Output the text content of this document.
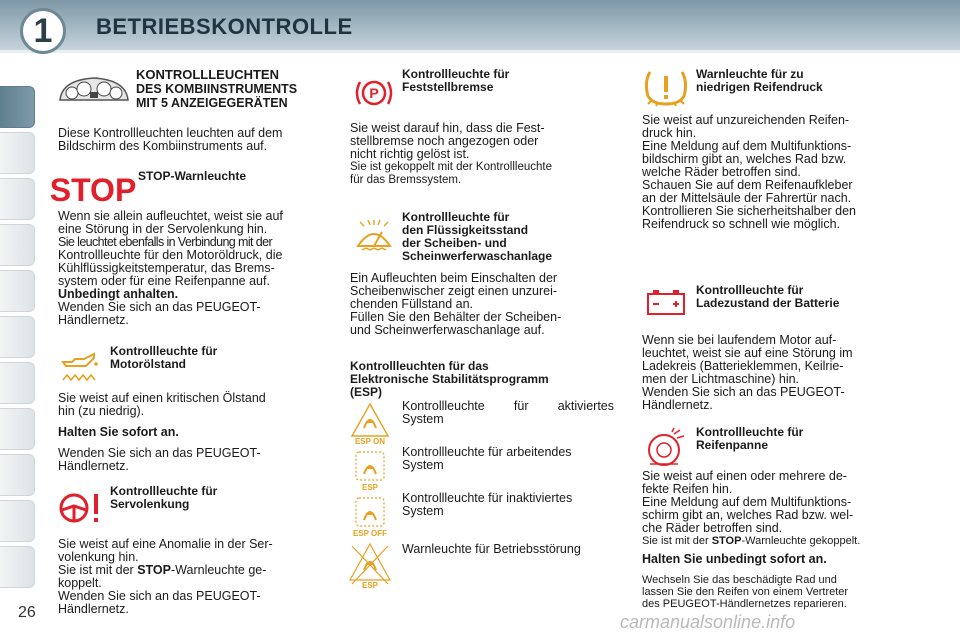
1 BETRIEBSKONTROLLE
26
KONTROLLLEUCHTEN
DES KOMBIINSTRUMENTS
MIT 5 ANZEIGEGERÄTEN
Diese Kontrollleuchten leuchten auf dem
Bildschirm des Kombiinstruments auf.
STOP STOP-Warnleuchte
Wenn sie allein aufleuchtet, weist sie auf
eine Störung in der Servolenkung hin.
Sie leuchtet ebenfalls in Verbindung mit der
Kontrollleuchte für den Motoröldruck, die
Kühlflüssigkeitstemperatur, das Brems-
system oder für eine Reifenpanne auf.
Unbedingt anhalten.
Wenden Sie sich an das PEUGEOT-
Händlernetz.
Kontrollleuchte für
Motorölstand
Sie weist auf einen kritischen Ölstand
hin (zu niedrig).
Halten Sie sofort an.
Wenden Sie sich an das PEUGEOT-
Händlernetz.
Kontrollleuchte für
Servolenkung
Sie weist auf eine Anomalie in der Ser-
volenkung hin.
Sie ist mit der STOP-Warnleuchte ge-
koppelt.
Wenden Sie sich an das PEUGEOT-
Händlernetz.
P
Kontrollleuchte für
Feststellbremse
Sie weist darauf hin, dass die Fest-
stellbremse noch angezogen oder
nicht richtig gelöst ist.
Sie ist gekoppelt mit der Kontrollleuchte
für das Bremssystem.
Kontrollleuchte für
den Flüssigkeitsstand
der Scheiben- und
Scheinwerferwaschanlage
Ein Aufleuchten beim Einschalten der
Scheibenwischer zeigt einen unzurei-
chenden Füllstand an.
Füllen Sie den Behälter der Scheiben-
und Scheinwerferwaschanlage auf.
Kontrollleuchten für das
Elektronische Stabilitätsprogramm
(ESP)
ESP ON
ESP
ESP OFF
ESP
Kontrollleuchte für aktiviertes
System
Kontrollleuchte für arbeitendes
System
Kontrollleuchte für inaktiviertes
System
Warnleuchte für Betriebsstörung
Warnleuchte für zu
niedrigen Reifendruck
Sie weist auf unzureichenden Reifen-
druck hin.
Eine Meldung auf dem Multifunktions-
bildschirm gibt an, welches Rad bzw.
welche Räder betroffen sind.
Schauen Sie auf dem Reifenaufkleber
an der Mittelsäule der Fahrertür nach.
Kontrollieren Sie sicherheitshalber den
Reifendruck so schnell wie möglich.
Kontrollleuchte für
Ladezustand der Batterie
Wenn sie bei laufendem Motor auf-
leuchtet, weist sie auf eine Störung im
Ladekreis (Batterieklemmen, Keilrie-
men der Lichtmaschine) hin.
Wenden Sie sich an das PEUGEOT-
Händlernetz.
Kontrollleuchte für
Reifenpanne
Sie weist auf einen oder mehrere de-
fekte Reifen hin.
Eine Meldung auf dem Multifunktions-
schirm gibt an, welches Rad bzw. wel-
che Räder betroffen sind.
Sie ist mit der STOP-Warnleuchte gekoppelt.
Halten Sie unbedingt sofort an.
Wechseln Sie das beschädigte Rad und
lassen Sie den Reifen von einem Vertreter
des PEUGEOT-Händlernetzes reparieren.
carmanualsonline.info
